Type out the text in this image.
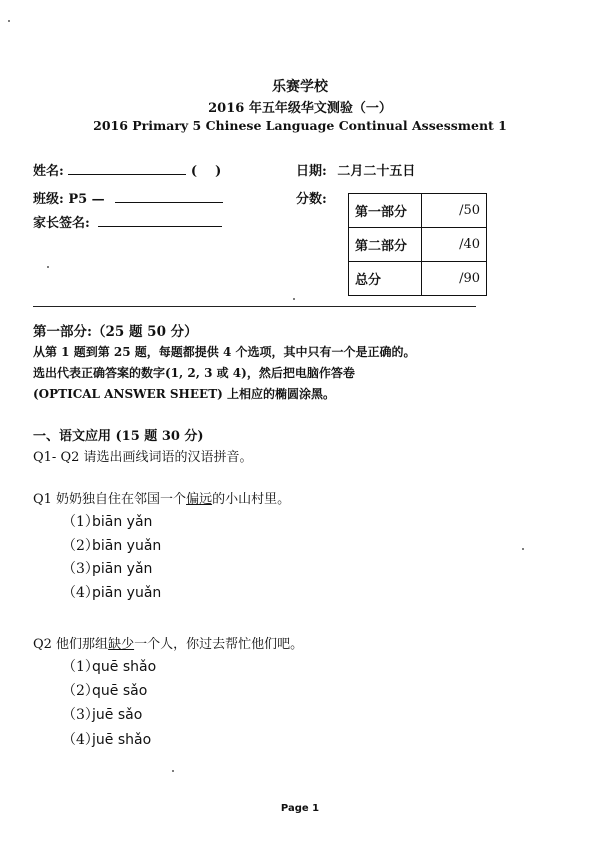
乐赛学校
2016 年五年级华文测验（一）
2016 Primary 5 Chinese Language Continual Assessment 1
姓名:	(    )	日期: 二月二十五日
班级: P5 —	分数:
家长签名:
第一部分	/50
第二部分	/40
总分	/90
第一部分:（25 题 50 分）
从第 1 题到第 25 题，每题都提供 4 个选项，其中只有一个是正确的。
选出代表正确答案的数字(1, 2, 3 或 4)，然后把电脑作答卷
(OPTICAL ANSWER SHEET) 上相应的椭圆涂黑。
一、语文应用 (15 题 30 分)
Q1- Q2 请选出画线词语的汉语拼音。
Q1 奶奶独自住在邻国一个偏远的小山村里。
（1）biān yǎn
（2）biān yuǎn
（3）piān yǎn
（4）piān yuǎn
Q2 他们那组缺少一个人，你过去帮忙他们吧。
（1）quē shǎo
（2）quē sǎo
（3）juē sǎo
（4）juē shǎo
Page 1
